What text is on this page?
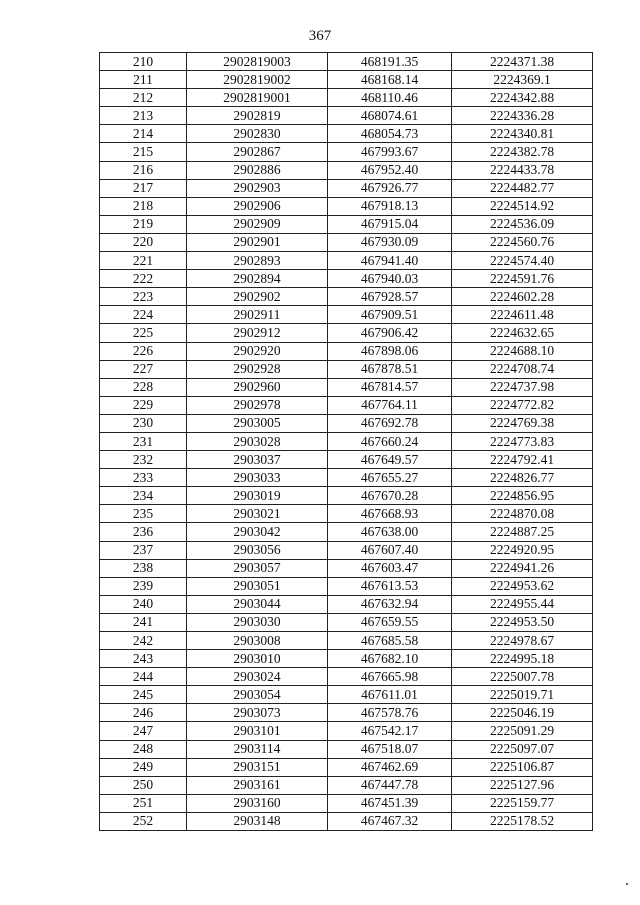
367
210	2902819003	468191.35	2224371.38
211	2902819002	468168.14	2224369.1
212	2902819001	468110.46	2224342.88
213	2902819	468074.61	2224336.28
214	2902830	468054.73	2224340.81
215	2902867	467993.67	2224382.78
216	2902886	467952.40	2224433.78
217	2902903	467926.77	2224482.77
218	2902906	467918.13	2224514.92
219	2902909	467915.04	2224536.09
220	2902901	467930.09	2224560.76
221	2902893	467941.40	2224574.40
222	2902894	467940.03	2224591.76
223	2902902	467928.57	2224602.28
224	2902911	467909.51	2224611.48
225	2902912	467906.42	2224632.65
226	2902920	467898.06	2224688.10
227	2902928	467878.51	2224708.74
228	2902960	467814.57	2224737.98
229	2902978	467764.11	2224772.82
230	2903005	467692.78	2224769.38
231	2903028	467660.24	2224773.83
232	2903037	467649.57	2224792.41
233	2903033	467655.27	2224826.77
234	2903019	467670.28	2224856.95
235	2903021	467668.93	2224870.08
236	2903042	467638.00	2224887.25
237	2903056	467607.40	2224920.95
238	2903057	467603.47	2224941.26
239	2903051	467613.53	2224953.62
240	2903044	467632.94	2224955.44
241	2903030	467659.55	2224953.50
242	2903008	467685.58	2224978.67
243	2903010	467682.10	2224995.18
244	2903024	467665.98	2225007.78
245	2903054	467611.01	2225019.71
246	2903073	467578.76	2225046.19
247	2903101	467542.17	2225091.29
248	2903114	467518.07	2225097.07
249	2903151	467462.69	2225106.87
250	2903161	467447.78	2225127.96
251	2903160	467451.39	2225159.77
252	2903148	467467.32	2225178.52
